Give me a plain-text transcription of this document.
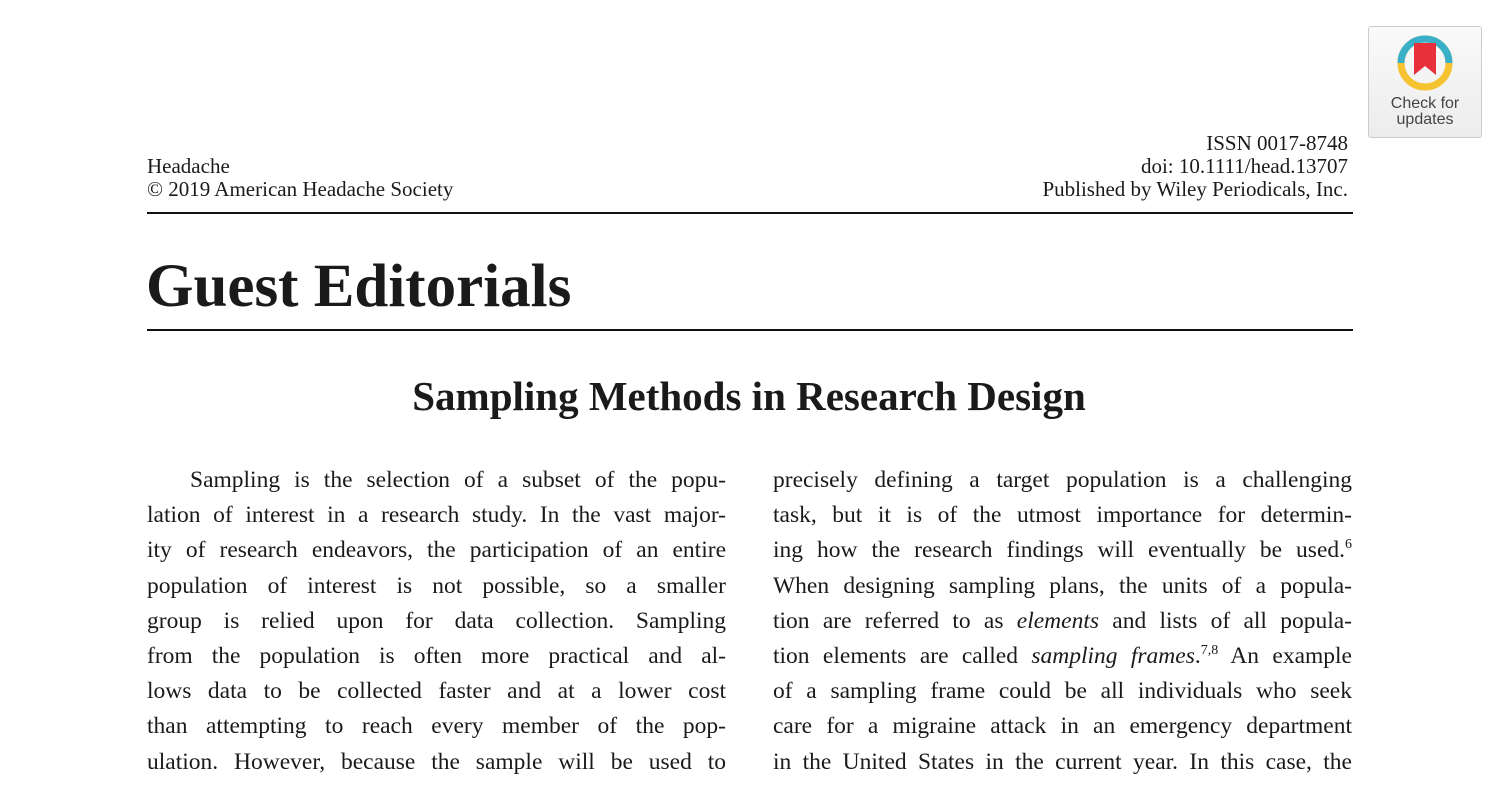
Check for
updates
Headache
© 2019 American Headache Society
ISSN 0017-8748
doi: 10.1111/head.13707
Published by Wiley Periodicals, Inc.
Guest Editorials
Sampling Methods in Research Design
Sampling is the selection of a subset of the popu-
lation of interest in a research study. In the vast major-
ity of research endeavors, the participation of an entire
population of interest is not possible, so a smaller
group is relied upon for data collection. Sampling
from the population is often more practical and al-
lows data to be collected faster and at a lower cost
than attempting to reach every member of the pop-
ulation. However, because the sample will be used to
precisely defining a target population is a challenging
task, but it is of the utmost importance for determin-
ing how the research findings will eventually be used.$^6$
When designing sampling plans, the units of a popula-
tion are referred to as elements and lists of all popula-
tion elements are called sampling frames.$^{7,8}$ An example
of a sampling frame could be all individuals who seek
care for a migraine attack in an emergency department
in the United States in the current year. In this case, the
